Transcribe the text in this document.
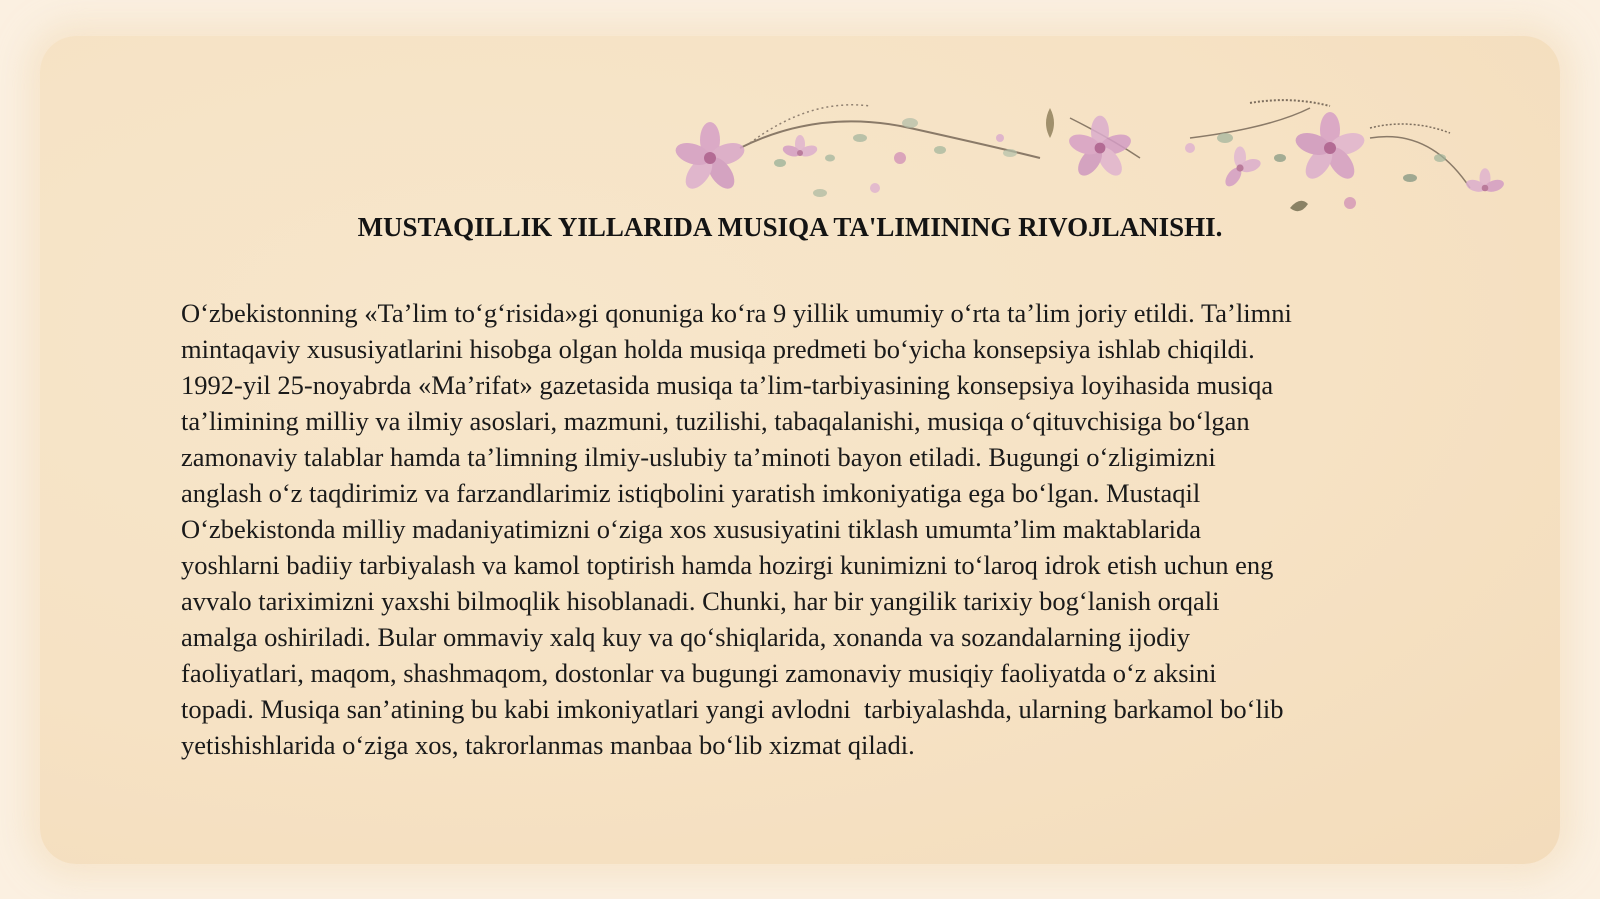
MUSTAQILLIK YILLARIDA MUSIQA TA'LIMINING RIVOJLANISHI.

O‘zbekistonning «Ta’lim to‘g‘risida»gi qonuniga ko‘ra 9 yillik umumiy o‘rta ta’lim joriy etildi. Ta’limni
mintaqaviy xususiyatlarini hisobga olgan holda musiqa predmeti bo‘yicha konsepsiya ishlab chiqildi.
1992-yil 25-noyabrda «Ma’rifat» gazetasida musiqa ta’lim-tarbiyasining konsepsiya loyihasida musiqa
ta’limining milliy va ilmiy asoslari, mazmuni, tuzilishi, tabaqalanishi, musiqa o‘qituvchisiga bo‘lgan
zamonaviy talablar hamda ta’limning ilmiy-uslubiy ta’minoti bayon etiladi. Bugungi o‘zligimizni
anglash o‘z taqdirimiz va farzandlarimiz istiqbolini yaratish imkoniyatiga ega bo‘lgan. Mustaqil
O‘zbekistonda milliy madaniyatimizni o‘ziga xos xususiyatini tiklash umumta’lim maktablarida
yoshlarni badiiy tarbiyalash va kamol toptirish hamda hozirgi kunimizni to‘laroq idrok etish uchun eng
avvalo tariximizni yaxshi bilmoqlik hisoblanadi. Chunki, har bir yangilik tarixiy bog‘lanish orqali
amalga oshiriladi. Bular ommaviy xalq kuy va qo‘shiqlarida, xonanda va sozandalarning ijodiy
faoliyatlari, maqom, shashmaqom, dostonlar va bugungi zamonaviy musiqiy faoliyatda o‘z aksini
topadi. Musiqa san’atining bu kabi imkoniyatlari yangi avlodni  tarbiyalashda, ularning barkamol bo‘lib
yetishishlarida o‘ziga xos, takrorlanmas manbaa bo‘lib xizmat qiladi.
